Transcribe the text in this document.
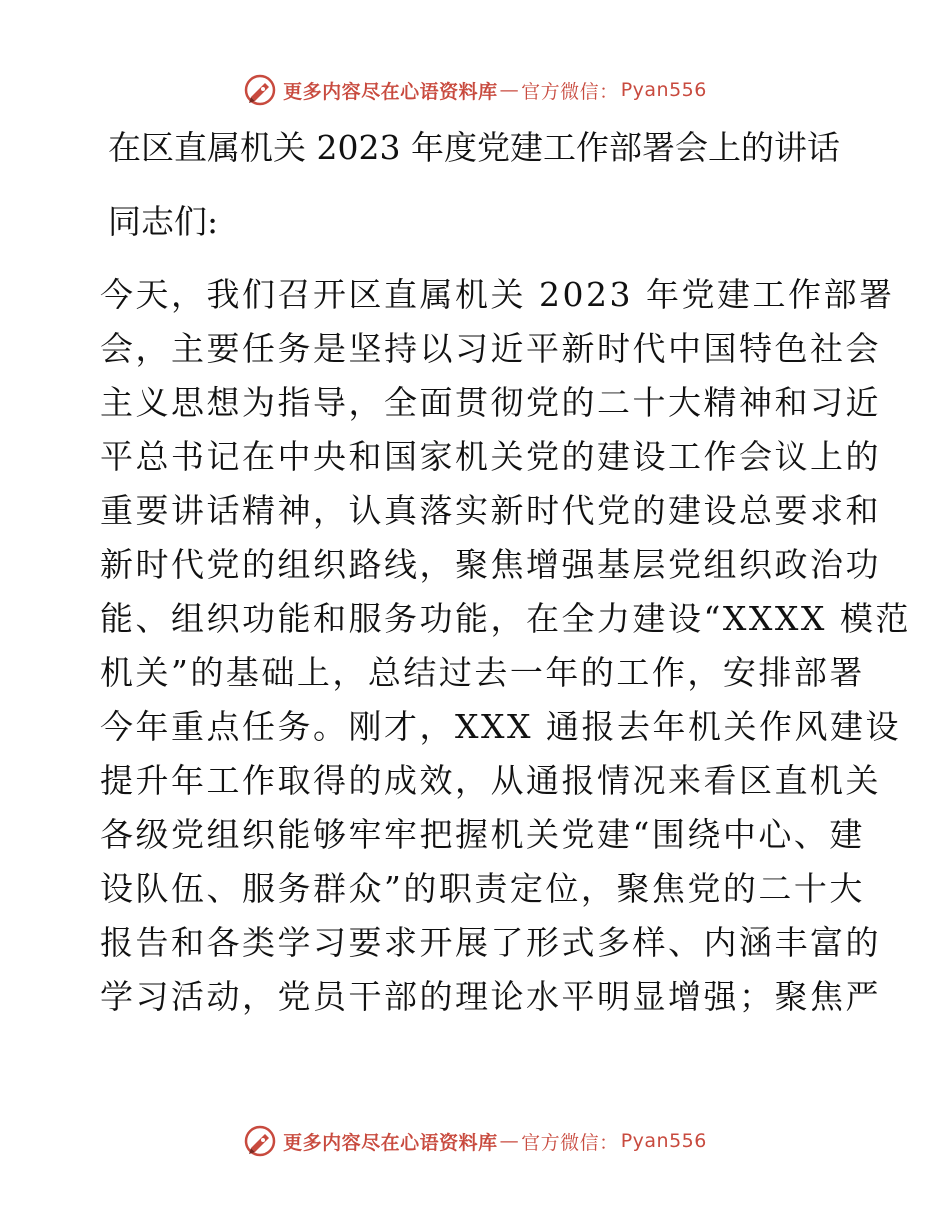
更多内容尽在心语资料库 — 官方微信： Pyan556
在区直属机关 2023 年度党建工作部署会上的讲话
同志们:
今天，我们召开区直属机关 2023 年党建工作部署
会，主要任务是坚持以习近平新时代中国特色社会
主义思想为指导，全面贯彻党的二十大精神和习近
平总书记在中央和国家机关党的建设工作会议上的
重要讲话精神，认真落实新时代党的建设总要求和
新时代党的组织路线，聚焦增强基层党组织政治功
能、组织功能和服务功能，在全力建设“XXXX 模范
机关”的基础上，总结过去一年的工作，安排部署
今年重点任务。刚才，XXX 通报去年机关作风建设
提升年工作取得的成效，从通报情况来看区直机关
各级党组织能够牢牢把握机关党建“围绕中心、建
设队伍、服务群众”的职责定位，聚焦党的二十大
报告和各类学习要求开展了形式多样、内涵丰富的
学习活动，党员干部的理论水平明显增强；聚焦严
更多内容尽在心语资料库 — 官方微信： Pyan556
